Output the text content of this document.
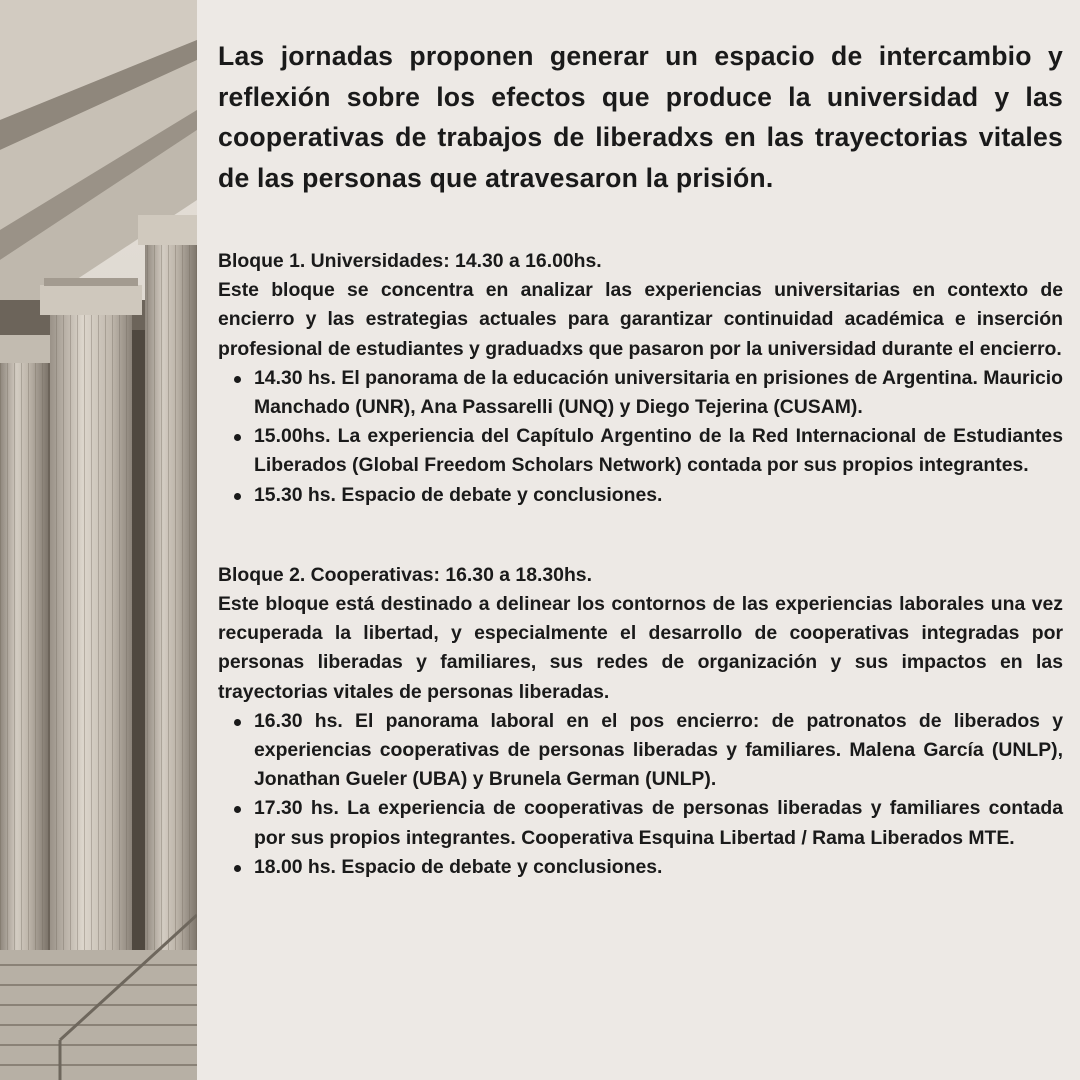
Las jornadas proponen generar un espacio de intercambio y reflexión sobre los efectos que produce la universidad y las cooperativas de trabajos de liberadxs en las trayectorias vitales de las personas que atravesaron la prisión.

Bloque 1. Universidades: 14.30 a 16.00hs.

Este bloque se concentra en analizar las experiencias universitarias en contexto de encierro y las estrategias actuales para garantizar continuidad académica e inserción profesional de estudiantes y graduadxs que pasaron por la universidad durante el encierro.

14.30 hs. El panorama de la educación universitaria en prisiones de Argentina. Mauricio Manchado (UNR), Ana Passarelli (UNQ) y Diego Tejerina (CUSAM).
15.00hs. La experiencia del Capítulo Argentino de la Red Internacional de Estudiantes Liberados (Global Freedom Scholars Network) contada por sus propios integrantes.
15.30 hs. Espacio de debate y conclusiones.

Bloque 2. Cooperativas: 16.30 a 18.30hs.

Este bloque está destinado a delinear los contornos de las experiencias laborales una vez recuperada la libertad, y especialmente el desarrollo de cooperativas integradas por personas liberadas y familiares, sus redes de organización y sus impactos en las trayectorias vitales de personas liberadas.

16.30 hs. El panorama laboral en el pos encierro: de patronatos de liberados y experiencias cooperativas de personas liberadas y familiares. Malena García (UNLP), Jonathan Gueler (UBA) y Brunela German (UNLP).
17.30 hs. La experiencia de cooperativas de personas liberadas y familiares contada por sus propios integrantes. Cooperativa Esquina Libertad / Rama Liberados MTE.
18.00 hs. Espacio de debate y conclusiones.
